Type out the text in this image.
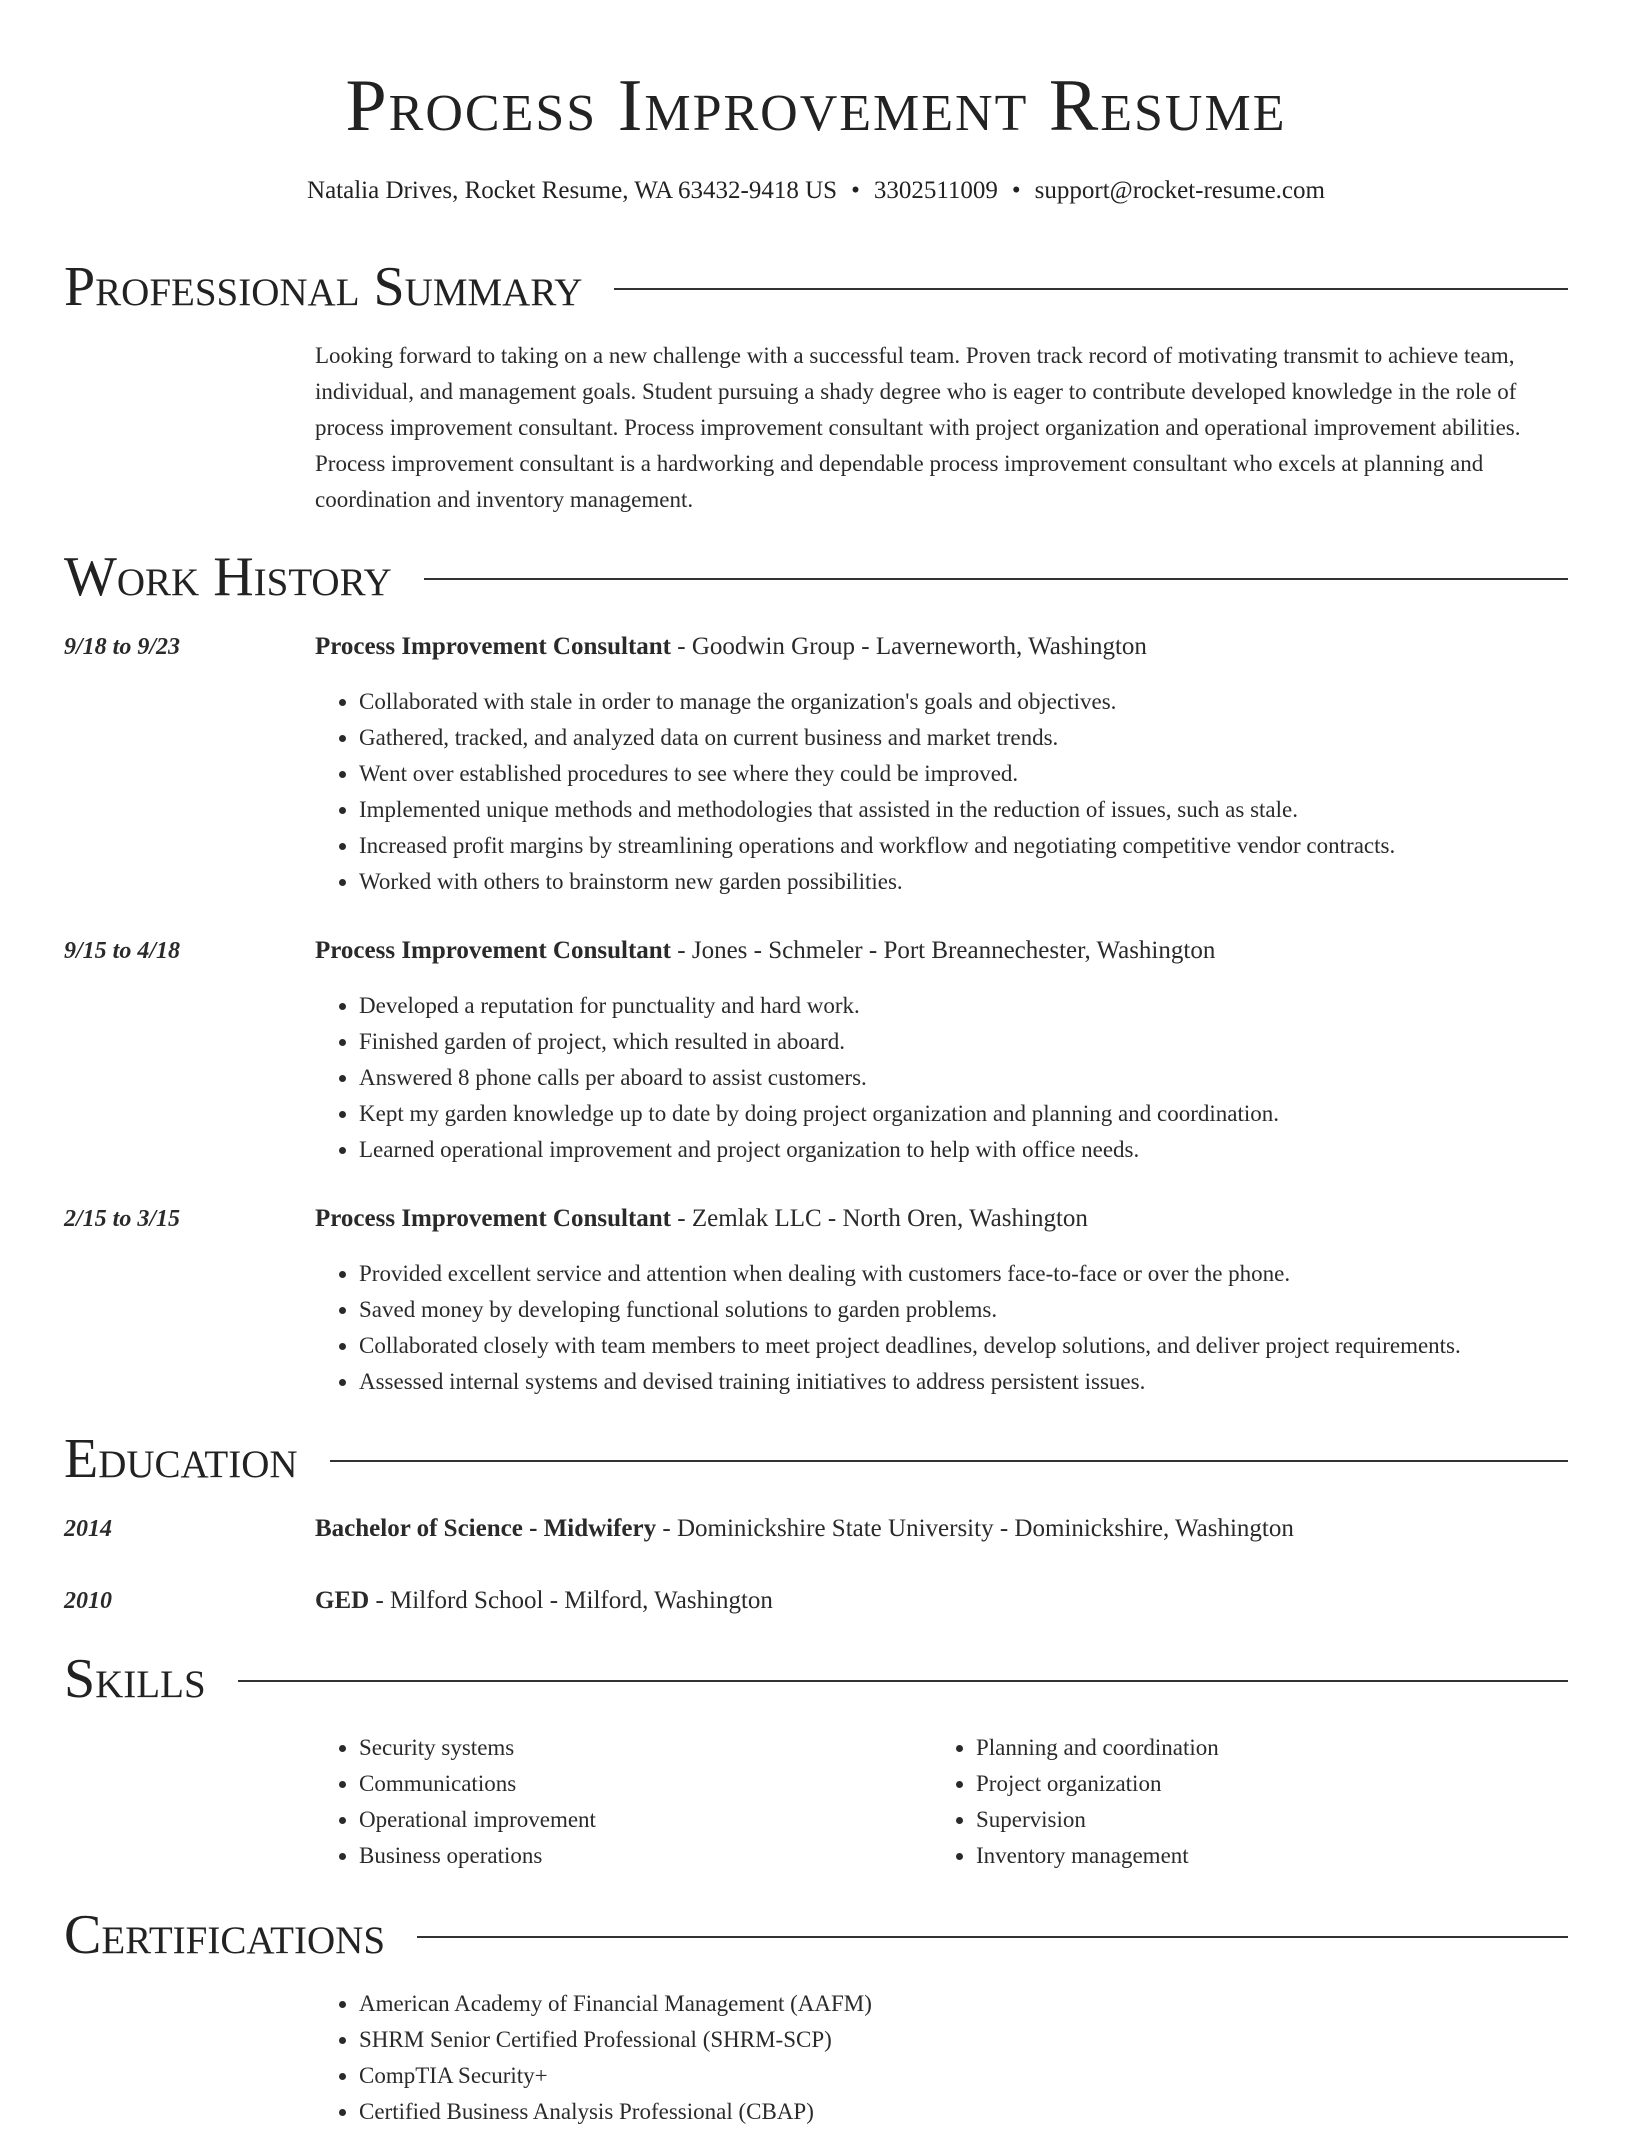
Process Improvement Resume
Natalia Drives, Rocket Resume, WA 63432-9418 US • 3302511009 • support@rocket-resume.com
Professional Summary

Looking forward to taking on a new challenge with a successful team. Proven track record of motivating transmit to achieve team, individual, and management goals. Student pursuing a shady degree who is eager to contribute developed knowledge in the role of process improvement consultant. Process improvement consultant with project organization and operational improvement abilities. Process improvement consultant is a hardworking and dependable process improvement consultant who excels at planning and coordination and inventory management.

Work History
9/18 to 9/23	Process Improvement Consultant - Goodwin Group - Laverneworth, Washington
• Collaborated with stale in order to manage the organization's goals and objectives.
• Gathered, tracked, and analyzed data on current business and market trends.
• Went over established procedures to see where they could be improved.
• Implemented unique methods and methodologies that assisted in the reduction of issues, such as stale.
• Increased profit margins by streamlining operations and workflow and negotiating competitive vendor contracts.
• Worked with others to brainstorm new garden possibilities.
9/15 to 4/18	Process Improvement Consultant - Jones - Schmeler - Port Breannechester, Washington
• Developed a reputation for punctuality and hard work.
• Finished garden of project, which resulted in aboard.
• Answered 8 phone calls per aboard to assist customers.
• Kept my garden knowledge up to date by doing project organization and planning and coordination.
• Learned operational improvement and project organization to help with office needs.
2/15 to 3/15	Process Improvement Consultant - Zemlak LLC - North Oren, Washington
• Provided excellent service and attention when dealing with customers face-to-face or over the phone.
• Saved money by developing functional solutions to garden problems.
• Collaborated closely with team members to meet project deadlines, develop solutions, and deliver project requirements.
• Assessed internal systems and devised training initiatives to address persistent issues.
Education
2014	Bachelor of Science - Midwifery - Dominickshire State University - Dominickshire, Washington
2010	GED - Milford School - Milford, Washington
Skills
• Security systems
• Communications
• Operational improvement
• Business operations
• Planning and coordination
• Project organization
• Supervision
• Inventory management
Certifications
• American Academy of Financial Management (AAFM)
• SHRM Senior Certified Professional (SHRM-SCP)
• CompTIA Security+
• Certified Business Analysis Professional (CBAP)
